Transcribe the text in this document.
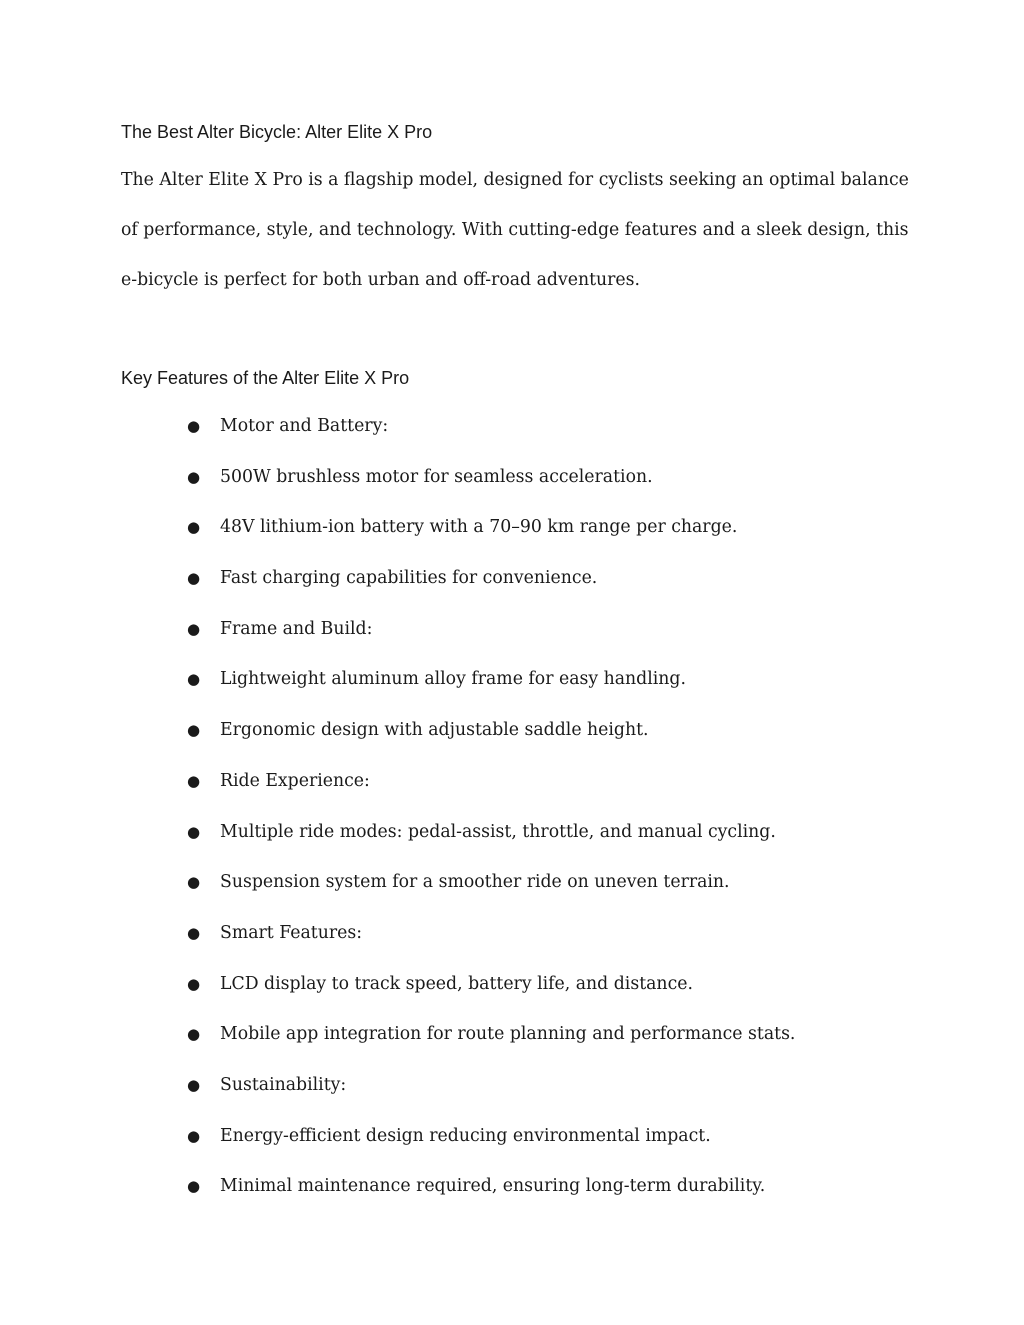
The Best Alter Bicycle: Alter Elite X Pro

The Alter Elite X Pro is a flagship model, designed for cyclists seeking an optimal balance of performance, style, and technology. With cutting-edge features and a sleek design, this e-bicycle is perfect for both urban and off-road adventures.

Key Features of the Alter Elite X Pro
● Motor and Battery:
● 500W brushless motor for seamless acceleration.
● 48V lithium-ion battery with a 70–90 km range per charge.
● Fast charging capabilities for convenience.
● Frame and Build:
● Lightweight aluminum alloy frame for easy handling.
● Ergonomic design with adjustable saddle height.
● Ride Experience:
● Multiple ride modes: pedal-assist, throttle, and manual cycling.
● Suspension system for a smoother ride on uneven terrain.
● Smart Features:
● LCD display to track speed, battery life, and distance.
● Mobile app integration for route planning and performance stats.
● Sustainability:
● Energy-efficient design reducing environmental impact.
● Minimal maintenance required, ensuring long-term durability.
